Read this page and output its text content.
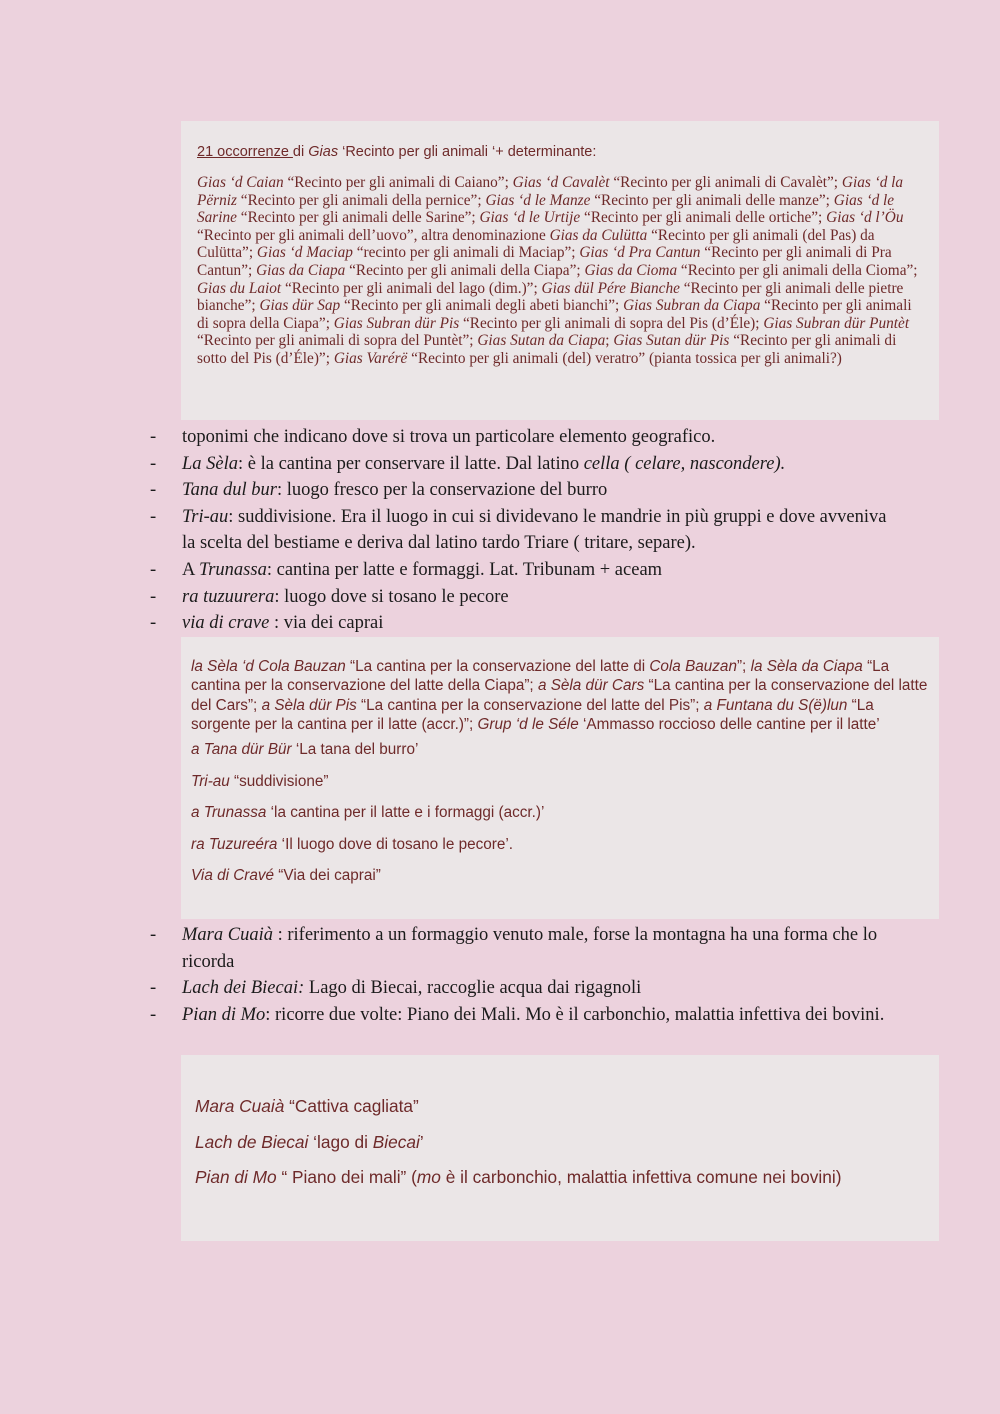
21 occorrenze di Gias ‘Recinto per gli animali ‘+ determinante:

Gias ‘d Caian “Recinto per gli animali di Caiano”; Gias ‘d Cavalèt “Recinto per gli animali di Cavalèt”; Gias ‘d la Përniz “Recinto per gli animali della pernice”; Gias ‘d le Manze “Recinto per gli animali delle manze”; Gias ‘d le Sarine “Recinto per gli animali delle Sarine”; Gias ‘d le Urtije “Recinto per gli animali delle ortiche”; Gias ‘d l’Öu “Recinto per gli animali dell’uovo”, altra denominazione Gias da Culütta “Recinto per gli animali (del Pas) da Culütta”; Gias ‘d Maciap “recinto per gli animali di Maciap”; Gias ‘d Pra Cantun “Recinto per gli animali di Pra Cantun”; Gias da Ciapa “Recinto per gli animali della Ciapa”; Gias da Cioma “Recinto per gli animali della Cioma”; Gias du Laiot “Recinto per gli animali del lago (dim.)”; Gias dül Pére Bianche “Recinto per gli animali delle pietre bianche”; Gias dür Sap “Recinto per gli animali degli abeti bianchi”; Gias Subran da Ciapa “Recinto per gli animali di sopra della Ciapa”; Gias Subran dür Pis “Recinto per gli animali di sopra del Pis (d’Éle); Gias Subran dür Puntèt “Recinto per gli animali di sopra del Puntèt”; Gias Sutan da Ciapa; Gias Sutan dür Pis “Recinto per gli animali di sotto del Pis (d’Éle)”; Gias Varérë “Recinto per gli animali (del) veratro” (pianta tossica per gli animali?)

- toponimi che indicano dove si trova un particolare elemento geografico.
- La Sèla: è la cantina per conservare il latte. Dal latino cella ( celare, nascondere).
- Tana dul bur: luogo fresco per la conservazione del burro
- Tri-au: suddivisione. Era il luogo in cui si dividevano le mandrie in più gruppi e dove avveniva la scelta del bestiame e deriva dal latino tardo Triare ( tritare, separe).
- A Trunassa: cantina per latte e formaggi. Lat. Tribunam + aceam
- ra tuzuurera: luogo dove si tosano le pecore
- via di crave : via dei caprai

la Sèla ‘d Cola Bauzan “La cantina per la conservazione del latte di Cola Bauzan”; la Sèla da Ciapa “La cantina per la conservazione del latte della Ciapa”; a Sèla dür Cars “La cantina per la conservazione del latte del Cars”; a Sèla dür Pis “La cantina per la conservazione del latte del Pis”; a Funtana du S(ë)lun “La sorgente per la cantina per il latte (accr.)”; Grup ‘d le Séle ‘Ammasso roccioso delle cantine per il latte’

a Tana dür Bür ‘La tana del burro’

Tri-au “suddivisione”

a Trunassa ‘la cantina per il latte e i formaggi (accr.)’

ra Tuzureéra ‘Il luogo dove di tosano le pecore’.

Via di Cravé “Via dei caprai”

- Mara Cuaià : riferimento a un formaggio venuto male, forse la montagna ha una forma che lo ricorda
- Lach dei Biecai: Lago di Biecai, raccoglie acqua dai rigagnoli
- Pian di Mo: ricorre due volte: Piano dei Mali. Mo è il carbonchio, malattia infettiva dei bovini.

Mara Cuaià “Cattiva cagliata”

Lach de Biecai ‘lago di Biecai’

Pian di Mo “ Piano dei mali” (mo è il carbonchio, malattia infettiva comune nei bovini)
